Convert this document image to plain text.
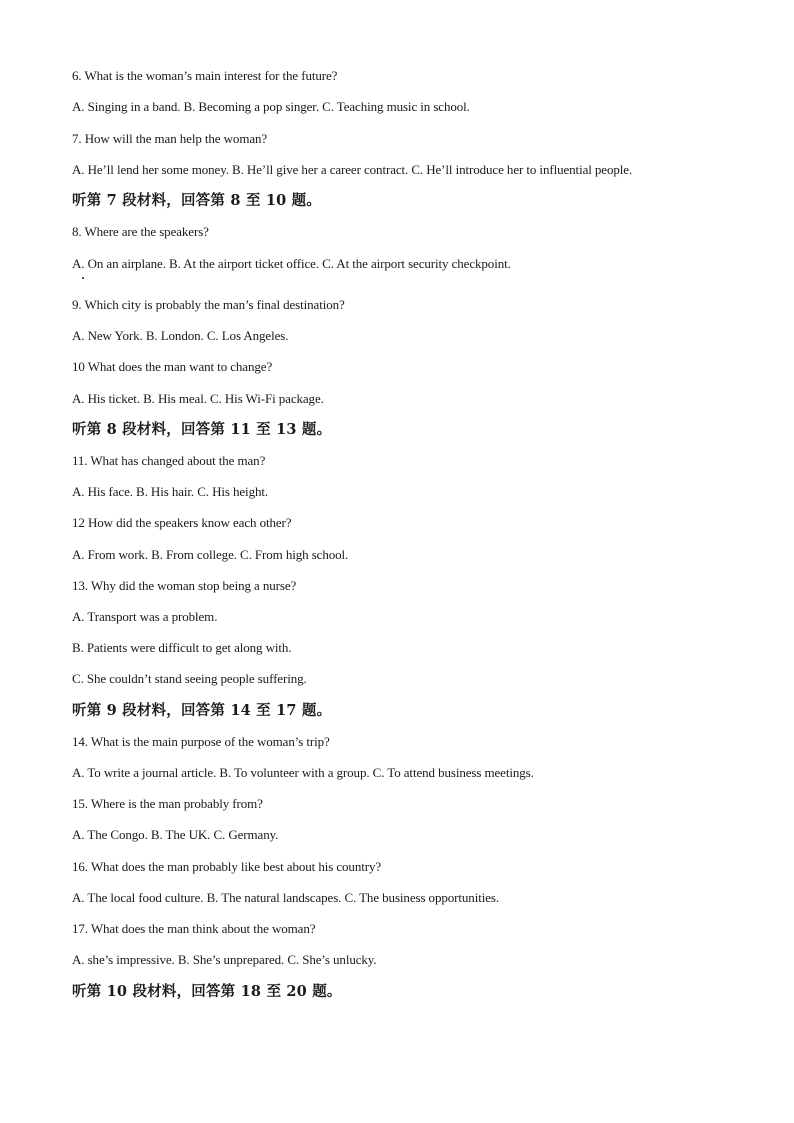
6. What is the woman’s main interest for the future?
A. Singing in a band. B. Becoming a pop singer. C. Teaching music in school.
7. How will the man help the woman?
A. He’ll lend her some money. B. He’ll give her a career contract. C. He’ll introduce her to influential people.
听第 7 段材料，回答第 8 至 10 题。
8. Where are the speakers?
A. On an airplane. B. At the airport ticket office. C. At the airport security checkpoint.
9. Which city is probably the man’s final destination?
A. New York. B. London. C. Los Angeles.
10 What does the man want to change?
A. His ticket. B. His meal. C. His Wi-Fi package.
听第 8 段材料，回答第 11 至 13 题。
11. What has changed about the man?
A. His face. B. His hair. C. His height.
12 How did the speakers know each other?
A. From work. B. From college. C. From high school.
13. Why did the woman stop being a nurse?
A. Transport was a problem.
B. Patients were difficult to get along with.
C. She couldn’t stand seeing people suffering.
听第 9 段材料，回答第 14 至 17 题。
14. What is the main purpose of the woman’s trip?
A. To write a journal article. B. To volunteer with a group. C. To attend business meetings.
15. Where is the man probably from?
A. The Congo. B. The UK. C. Germany.
16. What does the man probably like best about his country?
A. The local food culture. B. The natural landscapes. C. The business opportunities.
17. What does the man think about the woman?
A. she’s impressive. B. She’s unprepared. C. She’s unlucky.
听第 10 段材料，回答第 18 至 20 题。
